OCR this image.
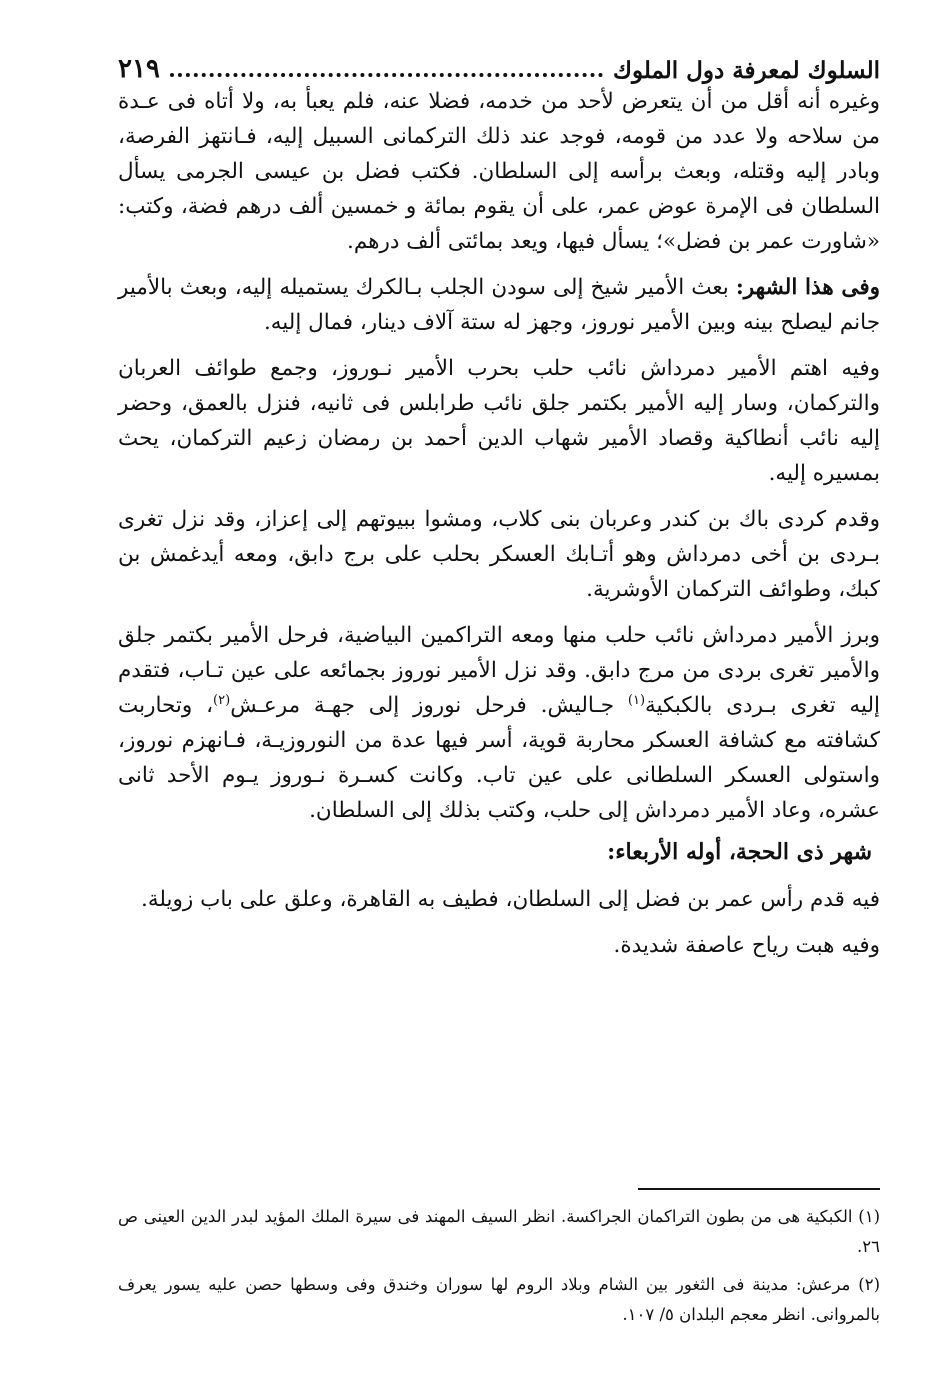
السلوك لمعرفة دول الملوك
٢١٩

وغيره أنه أقل من أن يتعرض لأحد من خدمه، فضلا عنه، فلم يعبأ به، ولا أتاه فى عـدة من سلاحه ولا عدد من قومه، فوجد عند ذلك التركمانى السبيل إليه، فـانتهز الفرصة، وبادر إليه وقتله، وبعث برأسه إلى السلطان. فكتب فضل بن عيسى الجرمى يسأل السلطان فى الإمرة عوض عمر، على أن يقوم بمائة و خمسين ألف درهم فضة، وكتب: «شاورت عمر بن فضل»؛ يسأل فيها، ويعد بمائتى ألف درهم.

وفى هذا الشهر: بعث الأمير شيخ إلى سودن الجلب بـالكرك يستميله إليه، وبعث بالأمير جانم ليصلح بينه وبين الأمير نوروز، وجهز له ستة آلاف دينار، فمال إليه.

وفيه اهتم الأمير دمرداش نائب حلب بحرب الأمير نـوروز، وجمع طوائف العربان والتركمان، وسار إليه الأمير بكتمر جلق نائب طرابلس فى ثانيه، فنزل بالعمق، وحضر إليه نائب أنطاكية وقصاد الأمير شهاب الدين أحمد بن رمضان زعيم التركمان، يحث بمسيره إليه.

وقدم كردى باك بن كندر وعربان بنى كلاب، ومشوا ببيوتهم إلى إعزاز، وقد نزل تغرى بـردى بن أخى دمرداش وهو أتـابك العسكر بحلب على برج دابق، ومعه أيدغمش بن كبك، وطوائف التركمان الأوشرية.

وبرز الأمير دمرداش نائب حلب منها ومعه التراكمين البياضية، فرحل الأمير بكتمر جلق والأمير تغرى بردى من مرج دابق. وقد نزل الأمير نوروز بجمائعه على عين تـاب، فتقدم إليه تغرى بـردى بالكبكية$^{(١)}$ جـاليش. فرحل نوروز إلى جهـة مرعـش$^{(٢)}$، وتحاربت كشافته مع كشافة العسكر محاربة قوية، أسر فيها عدة من النوروزيـة، فـانهزم نوروز، واستولى العسكر السلطانى على عين تاب. وكانت كسـرة نـوروز يـوم الأحد ثانى عشره، وعاد الأمير دمرداش إلى حلب، وكتب بذلك إلى السلطان.

شهر ذى الحجة، أوله الأربعاء:

فيه قدم رأس عمر بن فضل إلى السلطان، فطيف به القاهرة، وعلق على باب زويلة.

وفيه هبت رياح عاصفة شديدة.

(١) الكبكية هى من بطون التراكمان الجراكسة. انظر السيف المهند فى سيرة الملك المؤيد لبدر الدين العينى ص ٢٦.

(٢) مرعش: مدينة فى الثغور بين الشام وبلاد الروم لها سوران وخندق وفى وسطها حصن عليه يسور يعرف بالمروانى. انظر معجم البلدان ٥/ ١٠٧.
